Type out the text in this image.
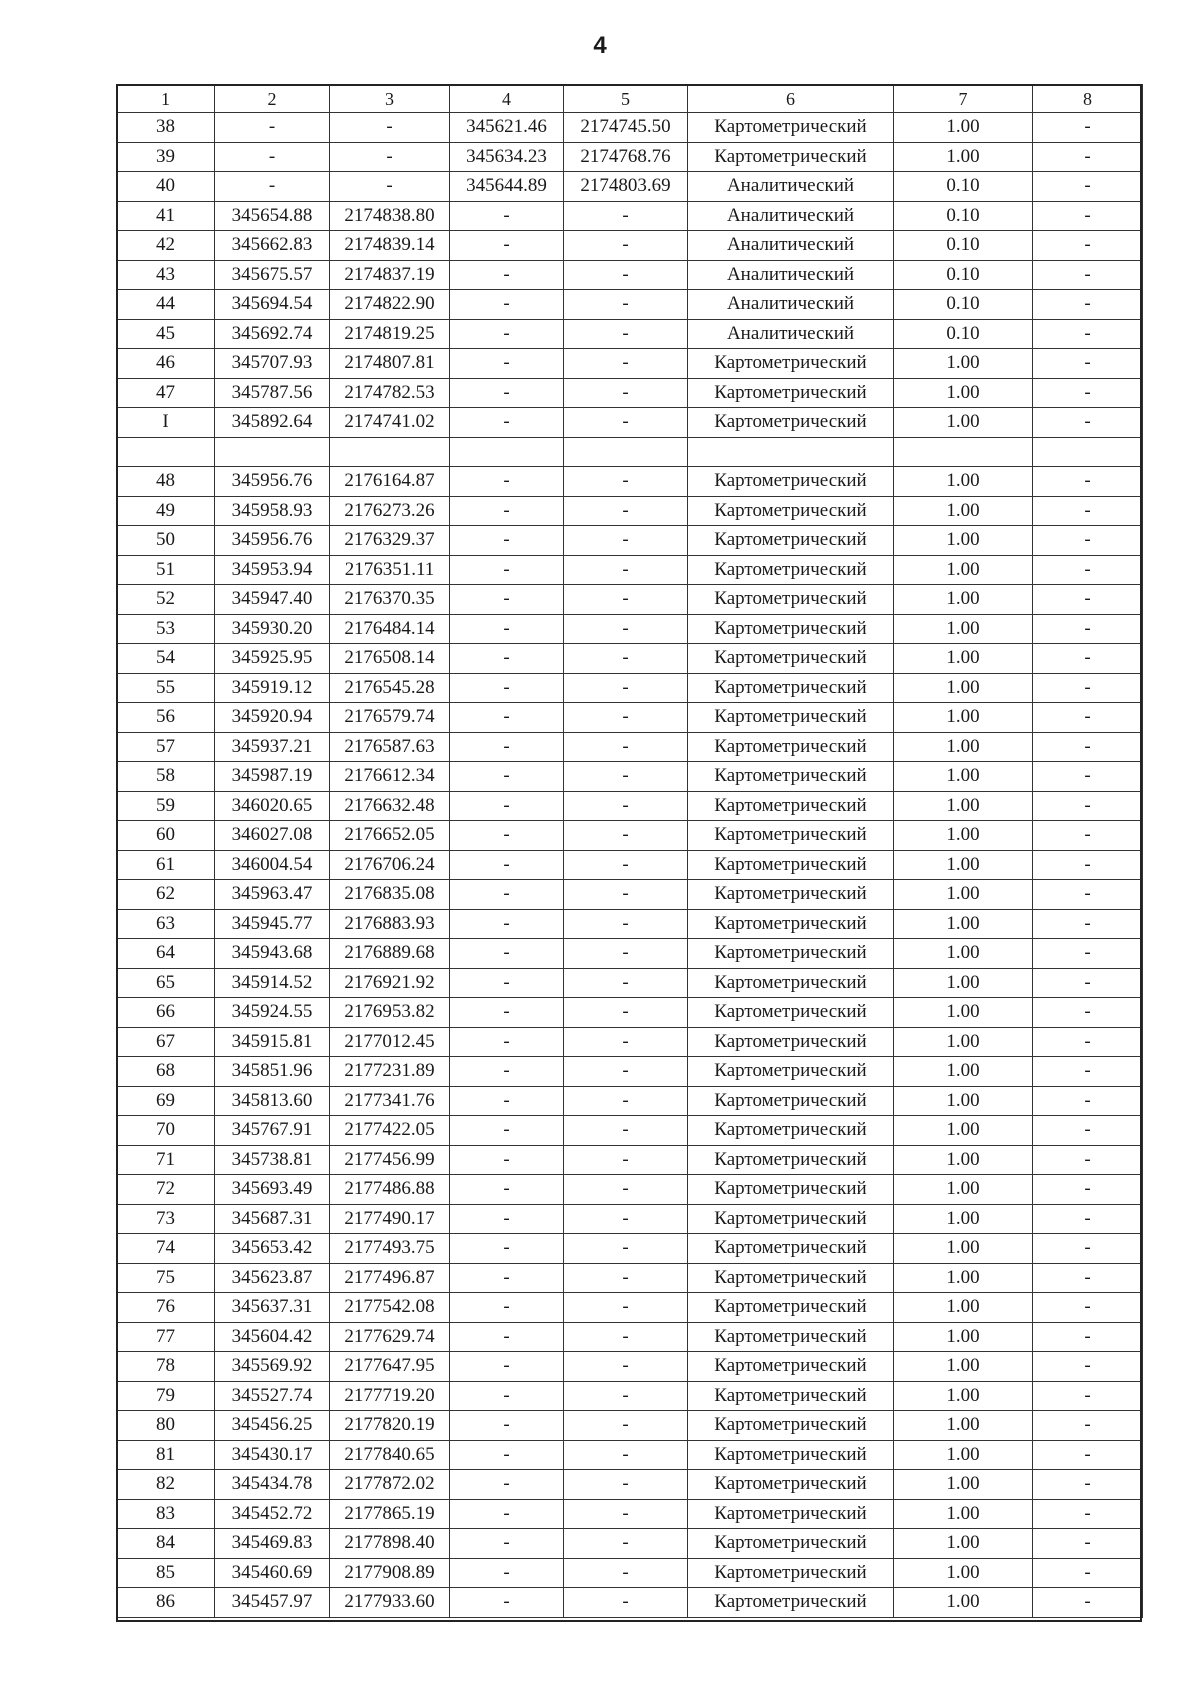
4
1	2	3	4	5	6	7	8
38	-	-	345621.46	2174745.50	Картометрический	1.00	-
39	-	-	345634.23	2174768.76	Картометрический	1.00	-
40	-	-	345644.89	2174803.69	Аналитический	0.10	-
41	345654.88	2174838.80	-	-	Аналитический	0.10	-
42	345662.83	2174839.14	-	-	Аналитический	0.10	-
43	345675.57	2174837.19	-	-	Аналитический	0.10	-
44	345694.54	2174822.90	-	-	Аналитический	0.10	-
45	345692.74	2174819.25	-	-	Аналитический	0.10	-
46	345707.93	2174807.81	-	-	Картометрический	1.00	-
47	345787.56	2174782.53	-	-	Картометрический	1.00	-
I	345892.64	2174741.02	-	-	Картометрический	1.00	-

48	345956.76	2176164.87	-	-	Картометрический	1.00	-
49	345958.93	2176273.26	-	-	Картометрический	1.00	-
50	345956.76	2176329.37	-	-	Картометрический	1.00	-
51	345953.94	2176351.11	-	-	Картометрический	1.00	-
52	345947.40	2176370.35	-	-	Картометрический	1.00	-
53	345930.20	2176484.14	-	-	Картометрический	1.00	-
54	345925.95	2176508.14	-	-	Картометрический	1.00	-
55	345919.12	2176545.28	-	-	Картометрический	1.00	-
56	345920.94	2176579.74	-	-	Картометрический	1.00	-
57	345937.21	2176587.63	-	-	Картометрический	1.00	-
58	345987.19	2176612.34	-	-	Картометрический	1.00	-
59	346020.65	2176632.48	-	-	Картометрический	1.00	-
60	346027.08	2176652.05	-	-	Картометрический	1.00	-
61	346004.54	2176706.24	-	-	Картометрический	1.00	-
62	345963.47	2176835.08	-	-	Картометрический	1.00	-
63	345945.77	2176883.93	-	-	Картометрический	1.00	-
64	345943.68	2176889.68	-	-	Картометрический	1.00	-
65	345914.52	2176921.92	-	-	Картометрический	1.00	-
66	345924.55	2176953.82	-	-	Картометрический	1.00	-
67	345915.81	2177012.45	-	-	Картометрический	1.00	-
68	345851.96	2177231.89	-	-	Картометрический	1.00	-
69	345813.60	2177341.76	-	-	Картометрический	1.00	-
70	345767.91	2177422.05	-	-	Картометрический	1.00	-
71	345738.81	2177456.99	-	-	Картометрический	1.00	-
72	345693.49	2177486.88	-	-	Картометрический	1.00	-
73	345687.31	2177490.17	-	-	Картометрический	1.00	-
74	345653.42	2177493.75	-	-	Картометрический	1.00	-
75	345623.87	2177496.87	-	-	Картометрический	1.00	-
76	345637.31	2177542.08	-	-	Картометрический	1.00	-
77	345604.42	2177629.74	-	-	Картометрический	1.00	-
78	345569.92	2177647.95	-	-	Картометрический	1.00	-
79	345527.74	2177719.20	-	-	Картометрический	1.00	-
80	345456.25	2177820.19	-	-	Картометрический	1.00	-
81	345430.17	2177840.65	-	-	Картометрический	1.00	-
82	345434.78	2177872.02	-	-	Картометрический	1.00	-
83	345452.72	2177865.19	-	-	Картометрический	1.00	-
84	345469.83	2177898.40	-	-	Картометрический	1.00	-
85	345460.69	2177908.89	-	-	Картометрический	1.00	-
86	345457.97	2177933.60	-	-	Картометрический	1.00	-
